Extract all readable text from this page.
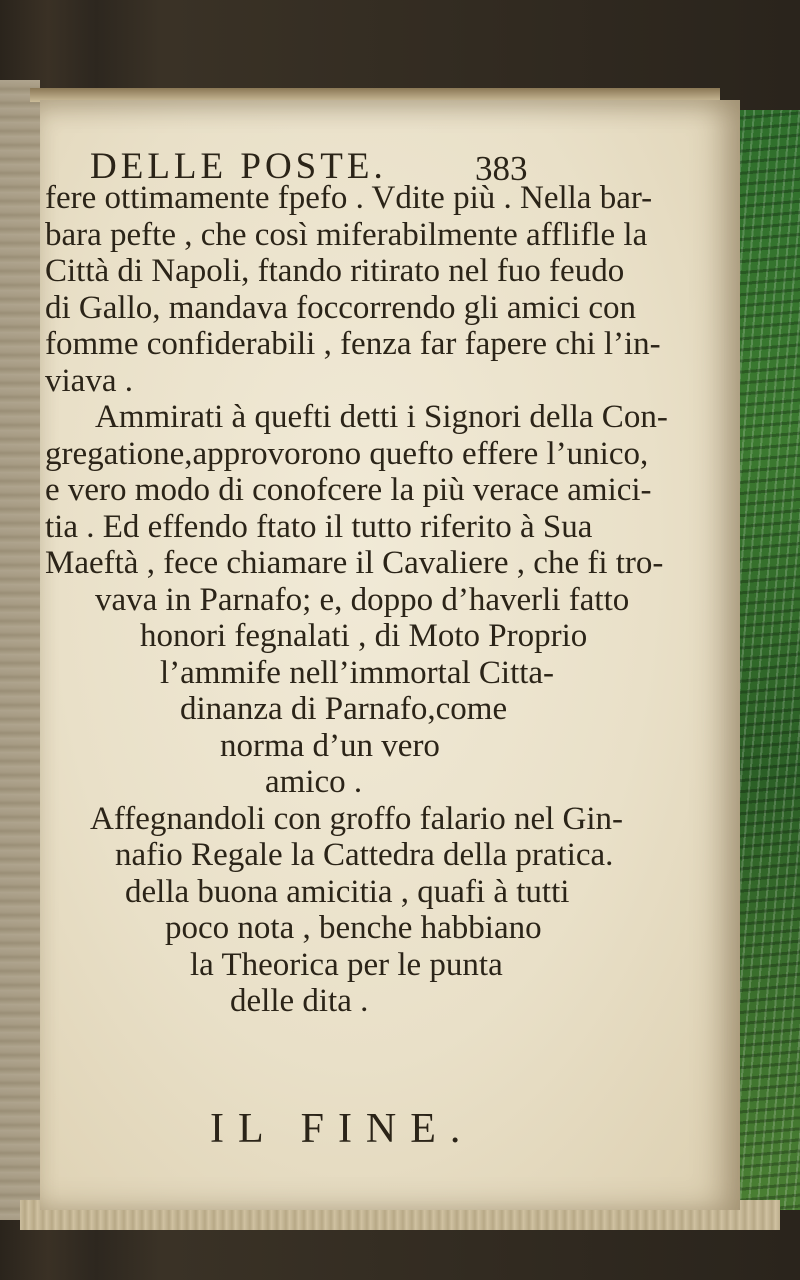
DELLE POSTE.	383
fere ottimamente fpefo . Vdite più . Nella bar-
bara pefte , che così miferabilmente afflifle la
Città di Napoli, ftando ritirato nel fuo feudo
di Gallo, mandava foccorrendo gli amici con
fomme confiderabili , fenza far fapere chi l’in-
viava .
Ammirati à quefti detti i Signori della Con-
gregatione,approvorono quefto effere l’unico,
e vero modo di conofcere la più verace amici-
tia . Ed effendo ftato il tutto riferito à Sua
Maeftà , fece chiamare il Cavaliere , che fi tro-
vava in Parnafo; e, doppo d’haverli fatto
honori fegnalati , di Moto Proprio
l’ammife nell’immortal Citta-
dinanza di Parnafo,come
norma d’un vero
amico .
Affegnandoli con groffo falario nel Gin-
nafio Regale la Cattedra della pratica.
della buona amicitia , quafi à tutti
poco nota , benche habbiano
la Theorica per le punta
delle dita .
IL FINE.
